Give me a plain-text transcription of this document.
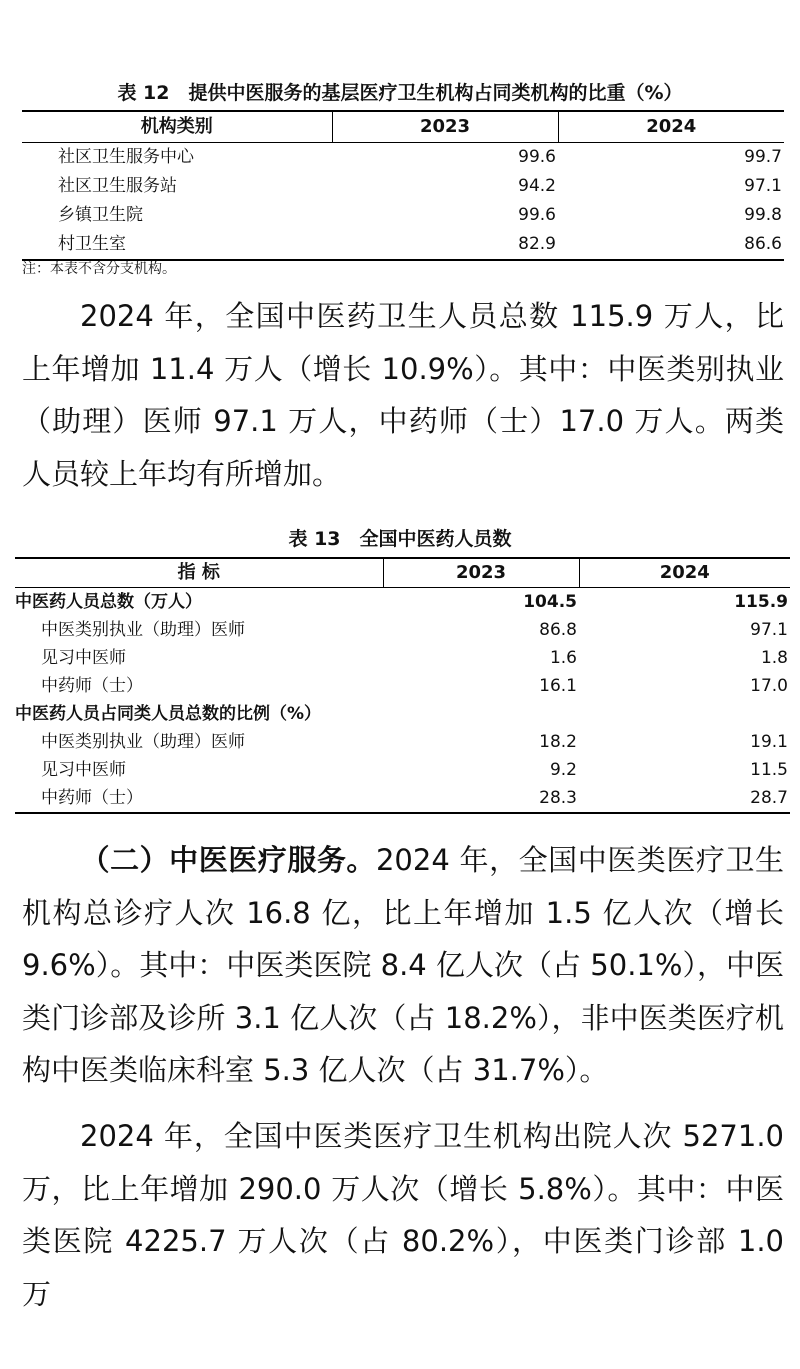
表 12　提供中医服务的基层医疗卫生机构占同类机构的比重（%）
机构类别	2023	2024
社区卫生服务中心	99.6	99.7
社区卫生服务站	94.2	97.1
乡镇卫生院	99.6	99.8
村卫生室	82.9	86.6
注：本表不含分支机构。

2024 年，全国中医药卫生人员总数 115.9 万人，比上年增加 11.4 万人（增长 10.9%）。其中：中医类别执业（助理）医师 97.1 万人，中药师（士）17.0 万人。两类人员较上年均有所增加。

表 13　全国中医药人员数
指 标	2023	2024
中医药人员总数（万人）	104.5	115.9
中医类别执业（助理）医师	86.8	97.1
见习中医师	1.6	1.8
中药师（士）	16.1	17.0
中医药人员占同类人员总数的比例（%）		
中医类别执业（助理）医师	18.2	19.1
见习中医师	9.2	11.5
中药师（士）	28.3	28.7

（二）中医医疗服务。2024 年，全国中医类医疗卫生机构总诊疗人次 16.8 亿，比上年增加 1.5 亿人次（增长 9.6%）。其中：中医类医院 8.4 亿人次（占 50.1%），中医类门诊部及诊所 3.1 亿人次（占 18.2%），非中医类医疗机构中医类临床科室 5.3 亿人次（占 31.7%）。

2024 年，全国中医类医疗卫生机构出院人次 5271.0 万，比上年增加 290.0 万人次（增长 5.8%）。其中：中医类医院 4225.7 万人次（占 80.2%），中医类门诊部 1.0 万
